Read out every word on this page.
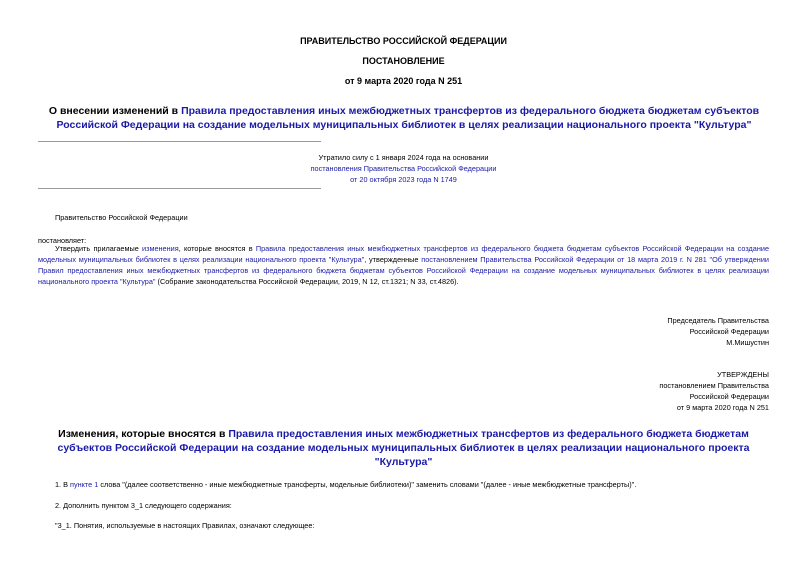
ПРАВИТЕЛЬСТВО РОССИЙСКОЙ ФЕДЕРАЦИИ
ПОСТАНОВЛЕНИЕ
от 9 марта 2020 года N 251
О внесении изменений в Правила предоставления иных межбюджетных трансфертов из федерального бюджета бюджетам субъектов Российской Федерации на создание модельных муниципальных библиотек в целях реализации национального проекта "Культура"
Утратило силу с 1 января 2024 года на основании
постановления Правительства Российской Федерации
от 20 октября 2023 года N 1749
Правительство Российской Федерации
постановляет:
Утвердить прилагаемые изменения, которые вносятся в Правила предоставления иных межбюджетных трансфертов из федерального бюджета бюджетам субъектов Российской Федерации на создание модельных муниципальных библиотек в целях реализации национального проекта "Культура", утвержденные постановлением Правительства Российской Федерации от 18 марта 2019 г. N 281 "Об утверждении Правил предоставления иных межбюджетных трансфертов из федерального бюджета бюджетам субъектов Российской Федерации на создание модельных муниципальных библиотек в целях реализации национального проекта "Культура" (Собрание законодательства Российской Федерации, 2019, N 12, ст.1321; N 33, ст.4826).
Председатель Правительства
Российской Федерации
М.Мишустин
УТВЕРЖДЕНЫ
постановлением Правительства
Российской Федерации
от 9 марта 2020 года N 251
Изменения, которые вносятся в Правила предоставления иных межбюджетных трансфертов из федерального бюджета бюджетам субъектов Российской Федерации на создание модельных муниципальных библиотек в целях реализации национального проекта "Культура"
1. В пункте 1 слова "(далее соответственно - иные межбюджетные трансферты, модельные библиотеки)" заменить словами "(далее - иные межбюджетные трансферты)".
2. Дополнить пунктом 3_1 следующего содержания:
"3_1. Понятия, используемые в настоящих Правилах, означают следующее:
